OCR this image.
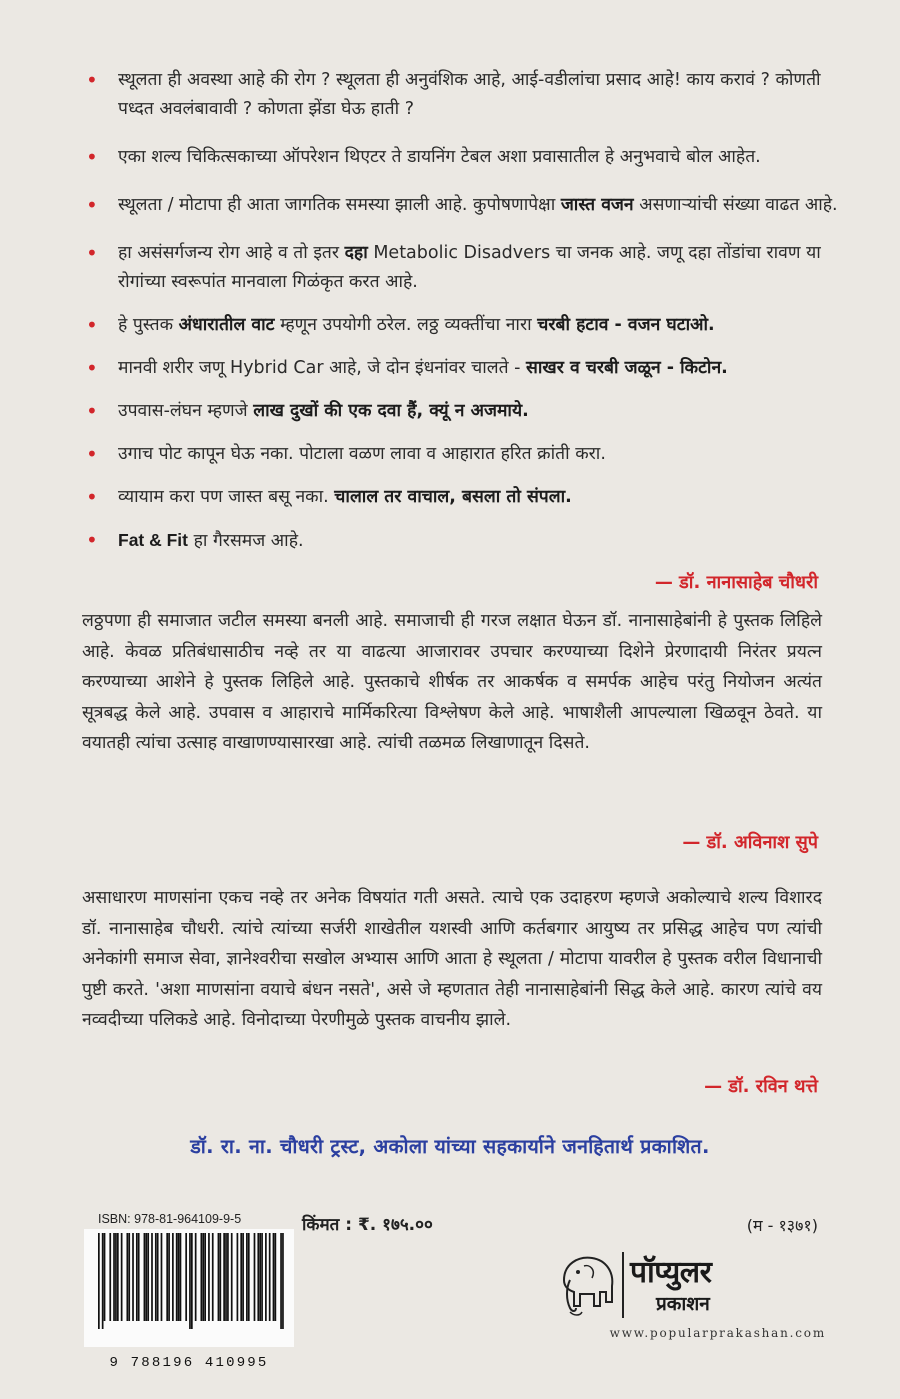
• स्थूलता ही अवस्था आहे की रोग ? स्थूलता ही अनुवंशिक आहे, आई-वडीलांचा प्रसाद आहे! काय करावं ? कोणती पध्दत अवलंबावावी ? कोणता झेंडा घेऊ हाती ?
• एका शल्य चिकित्सकाच्या ऑपरेशन थिएटर ते डायनिंग टेबल अशा प्रवासातील हे अनुभवाचे बोल आहेत.
• स्थूलता / मोटापा ही आता जागतिक समस्या झाली आहे. कुपोषणापेक्षा जास्त वजन असणाऱ्यांची संख्या वाढत आहे.
• हा असंसर्गजन्य रोग आहे व तो इतर दहा Metabolic Disadvers चा जनक आहे. जणू दहा तोंडांचा रावण या रोगांच्या स्वरूपांत मानवाला गिळंकृत करत आहे.
• हे पुस्तक अंधारातील वाट म्हणून उपयोगी ठरेल. लठ्ठ व्यक्तींचा नारा चरबी हटाव - वजन घटाओ.
• मानवी शरीर जणू Hybrid Car आहे, जे दोन इंधनांवर चालते - साखर व चरबी जळून - किटोन.
• उपवास-लंघन म्हणजे लाख दुखों की एक दवा हैं, क्यूं न अजमाये.
• उगाच पोट कापून घेऊ नका. पोटाला वळण लावा व आहारात हरित क्रांती करा.
• व्यायाम करा पण जास्त बसू नका. चालाल तर वाचाल, बसला तो संपला.
• Fat & Fit हा गैरसमज आहे.
— डॉ. नानासाहेब चौधरी

लठ्ठपणा ही समाजात जटील समस्या बनली आहे. समाजाची ही गरज लक्षात घेऊन डॉ. नानासाहेबांनी हे पुस्तक लिहिले आहे. केवळ प्रतिबंधासाठीच नव्हे तर या वाढत्या आजारावर उपचार करण्याच्या दिशेने प्रेरणादायी निरंतर प्रयत्न करण्याच्या आशेने हे पुस्तक लिहिले आहे. पुस्तकाचे शीर्षक तर आकर्षक व समर्पक आहेच परंतु नियोजन अत्यंत सूत्रबद्ध केले आहे. उपवास व आहाराचे मार्मिकरित्या विश्लेषण केले आहे. भाषाशैली आपल्याला खिळवून ठेवते. या वयातही त्यांचा उत्साह वाखाणण्यासारखा आहे. त्यांची तळमळ लिखाणातून दिसते.

— डॉ. अविनाश सुपे

असाधारण माणसांना एकच नव्हे तर अनेक विषयांत गती असते. त्याचे एक उदाहरण म्हणजे अकोल्याचे शल्य विशारद डॉ. नानासाहेब चौधरी. त्यांचे त्यांच्या सर्जरी शाखेतील यशस्वी आणि कर्तबगार आयुष्य तर प्रसिद्ध आहेच पण त्यांची अनेकांगी समाज सेवा, ज्ञानेश्वरीचा सखोल अभ्यास आणि आता हे स्थूलता / मोटापा यावरील हे पुस्तक वरील विधानाची पुष्टी करते. 'अशा माणसांना वयाचे बंधन नसते', असे जे म्हणतात तेही नानासाहेबांनी सिद्ध केले आहे. कारण त्यांचे वय नव्वदीच्या पलिकडे आहे. विनोदाच्या पेरणीमुळे पुस्तक वाचनीय झाले.

— डॉ. रविन थत्ते
डॉ. रा. ना. चौधरी ट्रस्ट, अकोला यांच्या सहकार्याने जनहितार्थ प्रकाशित.
ISBN: 978-81-964109-9-5
9 788196 410995
किंमत : ₹. १७५.००	(म - १३७१)
पॉप्युलर
प्रकाशन
www.popularprakashan.com
